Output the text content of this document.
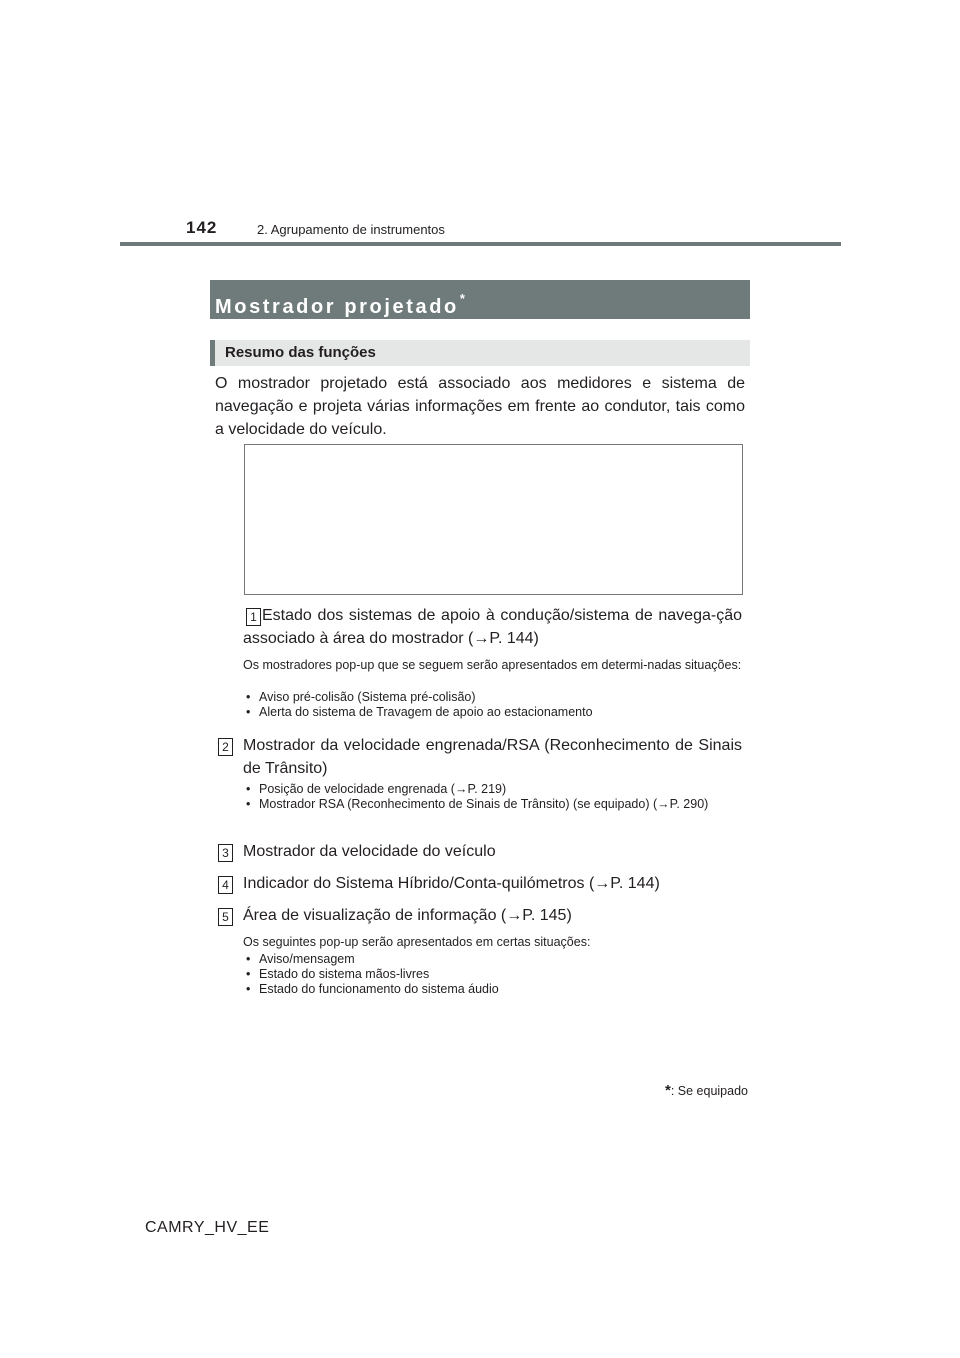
142	2. Agrupamento de instrumentos
Mostrador projetado*
Resumo das funções
O mostrador projetado está associado aos medidores e sistema de navegação e projeta várias informações em frente ao condutor, tais como a velocidade do veículo.
1 Estado dos sistemas de apoio à condução/sistema de navega-ção associado à área do mostrador (→P. 144)
Os mostradores pop-up que se seguem serão apresentados em determi-nadas situações:
• Aviso pré-colisão (Sistema pré-colisão)
• Alerta do sistema de Travagem de apoio ao estacionamento
2 Mostrador da velocidade engrenada/RSA (Reconhecimento de Sinais de Trânsito)
• Posição de velocidade engrenada (→P. 219)
• Mostrador RSA (Reconhecimento de Sinais de Trânsito) (se equipado) (→P. 290)
3 Mostrador da velocidade do veículo
4 Indicador do Sistema Híbrido/Conta-quilómetros (→P. 144)
5 Área de visualização de informação (→P. 145)
Os seguintes pop-up serão apresentados em certas situações:
• Aviso/mensagem
• Estado do sistema mãos-livres
• Estado do funcionamento do sistema áudio
*: Se equipado
CAMRY_HV_EE
